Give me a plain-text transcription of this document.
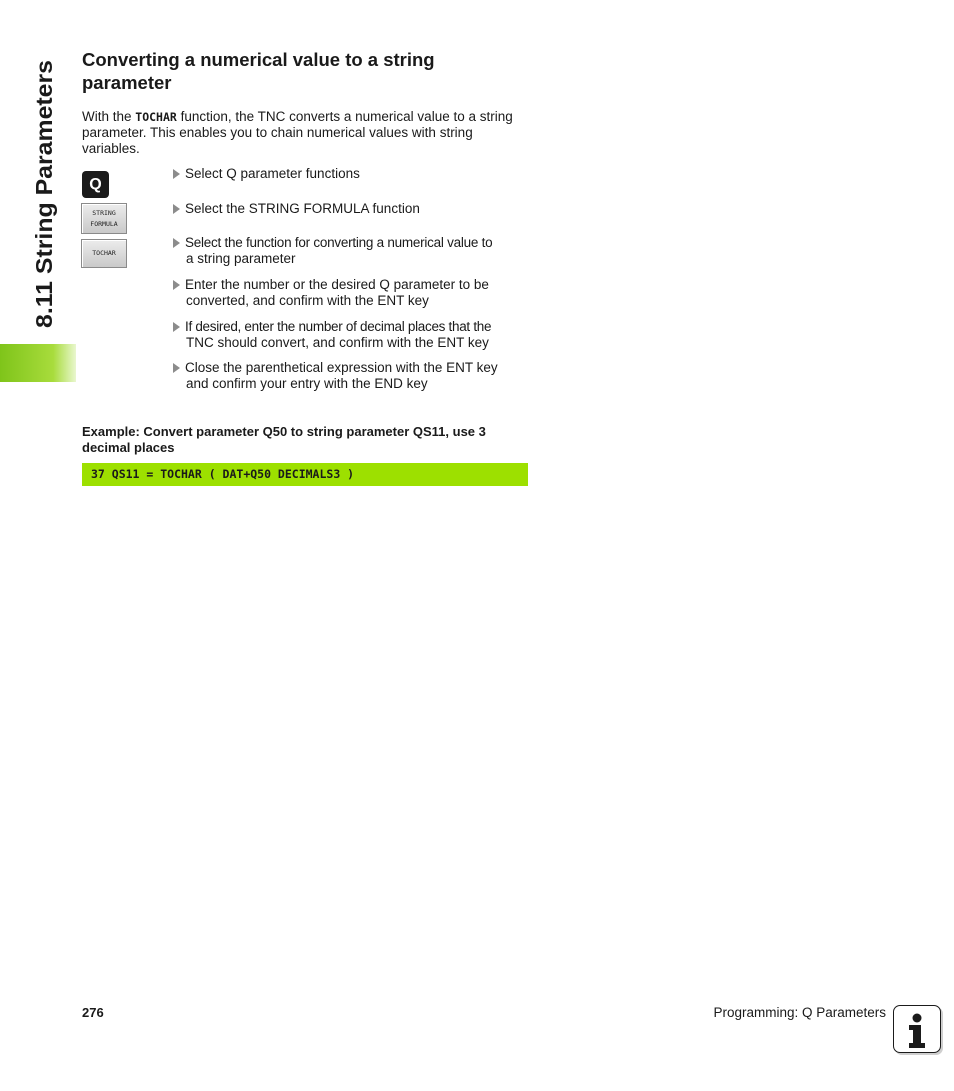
8.11 String Parameters
Converting a numerical value to a string parameter

With the TOCHAR function, the TNC converts a numerical value to a string parameter. This enables you to chain numerical values with string variables.

Q
STRING
FORMULA
TOCHAR
Select Q parameter functions
Select the STRING FORMULA function
Select the function for converting a numerical value to
a string parameter
Enter the number or the desired Q parameter to be
converted, and confirm with the ENT key
If desired, enter the number of decimal places that the
TNC should convert, and confirm with the ENT key
Close the parenthetical expression with the ENT key
and confirm your entry with the END key

Example: Convert parameter Q50 to string parameter QS11, use 3 decimal places

37 QS11 = TOCHAR ( DAT+Q50 DECIMALS3 )
276	Programming: Q Parameters
